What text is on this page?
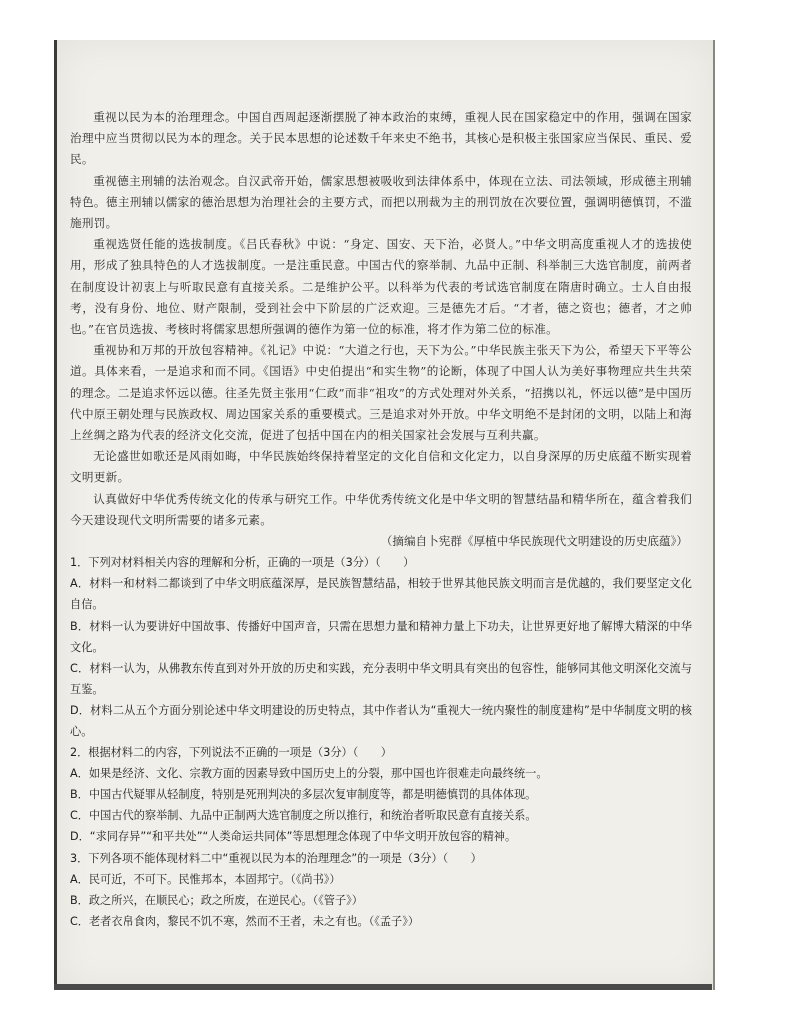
重视以民为本的治理理念。中国自西周起逐渐摆脱了神本政治的束缚，重视人民在国家稳定中的作用，强调在国家治理中应当贯彻以民为本的理念。关于民本思想的论述数千年来史不绝书，其核心是积极主张国家应当保民、重民、爱民。

重视德主刑辅的法治观念。自汉武帝开始，儒家思想被吸收到法律体系中，体现在立法、司法领域，形成德主刑辅特色。德主刑辅以儒家的德治思想为治理社会的主要方式，而把以刑裁为主的刑罚放在次要位置，强调明德慎罚，不滥施刑罚。

重视选贤任能的选拔制度。《吕氏春秋》中说：“身定、国安、天下治，必贤人。”中华文明高度重视人才的选拔使用，形成了独具特色的人才选拔制度。一是注重民意。中国古代的察举制、九品中正制、科举制三大选官制度，前两者在制度设计初衷上与听取民意有直接关系。二是维护公平。以科举为代表的考试选官制度在隋唐时确立。士人自由报考，没有身份、地位、财产限制，受到社会中下阶层的广泛欢迎。三是德先才后。“才者，德之资也；德者，才之帅也。”在官员选拔、考核时将儒家思想所强调的德作为第一位的标准，将才作为第二位的标准。

重视协和万邦的开放包容精神。《礼记》中说：“大道之行也，天下为公。”中华民族主张天下为公，希望天下平等公道。具体来看，一是追求和而不同。《国语》中史伯提出“和实生物”的论断，体现了中国人认为美好事物理应共生共荣的理念。二是追求怀远以德。往圣先贤主张用“仁政”而非“祖攻”的方式处理对外关系，“招携以礼，怀远以德”是中国历代中原王朝处理与民族政权、周边国家关系的重要模式。三是追求对外开放。中华文明绝不是封闭的文明，以陆上和海上丝绸之路为代表的经济文化交流，促进了包括中国在内的相关国家社会发展与互利共赢。

无论盛世如歌还是风雨如晦，中华民族始终保持着坚定的文化自信和文化定力，以自身深厚的历史底蕴不断实现着文明更新。

认真做好中华优秀传统文化的传承与研究工作。中华优秀传统文化是中华文明的智慧结晶和精华所在，蕴含着我们今天建设现代文明所需要的诸多元素。

（摘编自卜宪群《厚植中华民族现代文明建设的历史底蕴》）

1．下列对材料相关内容的理解和分析，正确的一项是（3分）（　　）

A．材料一和材料二都谈到了中华文明底蕴深厚，是民族智慧结晶，相较于世界其他民族文明而言是优越的，我们要坚定文化自信。

B．材料一认为要讲好中国故事、传播好中国声音，只需在思想力量和精神力量上下功夫，让世界更好地了解博大精深的中华文化。

C．材料一认为，从佛教东传直到对外开放的历史和实践，充分表明中华文明具有突出的包容性，能够同其他文明深化交流与互鉴。

D．材料二从五个方面分别论述中华文明建设的历史特点，其中作者认为“重视大一统内聚性的制度建构”是中华制度文明的核心。

2．根据材料二的内容，下列说法不正确的一项是（3分）（　　）

A．如果是经济、文化、宗教方面的因素导致中国历史上的分裂，那中国也许很难走向最终统一。

B．中国古代疑罪从轻制度，特别是死刑判决的多层次复审制度等，都是明德慎罚的具体体现。

C．中国古代的察举制、九品中正制两大选官制度之所以推行，和统治者听取民意有直接关系。

D．“求同存异”“和平共处”“人类命运共同体”等思想理念体现了中华文明开放包容的精神。

3．下列各项不能体现材料二中“重视以民为本的治理理念”的一项是（3分）（　　）

A．民可近，不可下。民惟邦本，本固邦宁。（《尚书》）

B．政之所兴，在顺民心；政之所废，在逆民心。（《管子》）

C．老者衣帛食肉，黎民不饥不寒，然而不王者，未之有也。（《孟子》）
